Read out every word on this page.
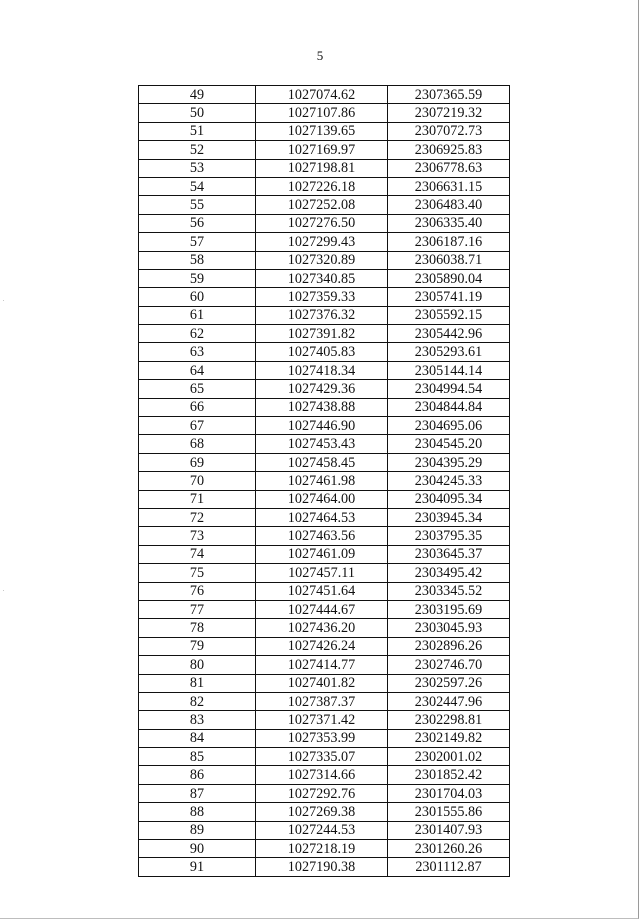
5
49	1027074.62	2307365.59
50	1027107.86	2307219.32
51	1027139.65	2307072.73
52	1027169.97	2306925.83
53	1027198.81	2306778.63
54	1027226.18	2306631.15
55	1027252.08	2306483.40
56	1027276.50	2306335.40
57	1027299.43	2306187.16
58	1027320.89	2306038.71
59	1027340.85	2305890.04
60	1027359.33	2305741.19
61	1027376.32	2305592.15
62	1027391.82	2305442.96
63	1027405.83	2305293.61
64	1027418.34	2305144.14
65	1027429.36	2304994.54
66	1027438.88	2304844.84
67	1027446.90	2304695.06
68	1027453.43	2304545.20
69	1027458.45	2304395.29
70	1027461.98	2304245.33
71	1027464.00	2304095.34
72	1027464.53	2303945.34
73	1027463.56	2303795.35
74	1027461.09	2303645.37
75	1027457.11	2303495.42
76	1027451.64	2303345.52
77	1027444.67	2303195.69
78	1027436.20	2303045.93
79	1027426.24	2302896.26
80	1027414.77	2302746.70
81	1027401.82	2302597.26
82	1027387.37	2302447.96
83	1027371.42	2302298.81
84	1027353.99	2302149.82
85	1027335.07	2302001.02
86	1027314.66	2301852.42
87	1027292.76	2301704.03
88	1027269.38	2301555.86
89	1027244.53	2301407.93
90	1027218.19	2301260.26
91	1027190.38	2301112.87
